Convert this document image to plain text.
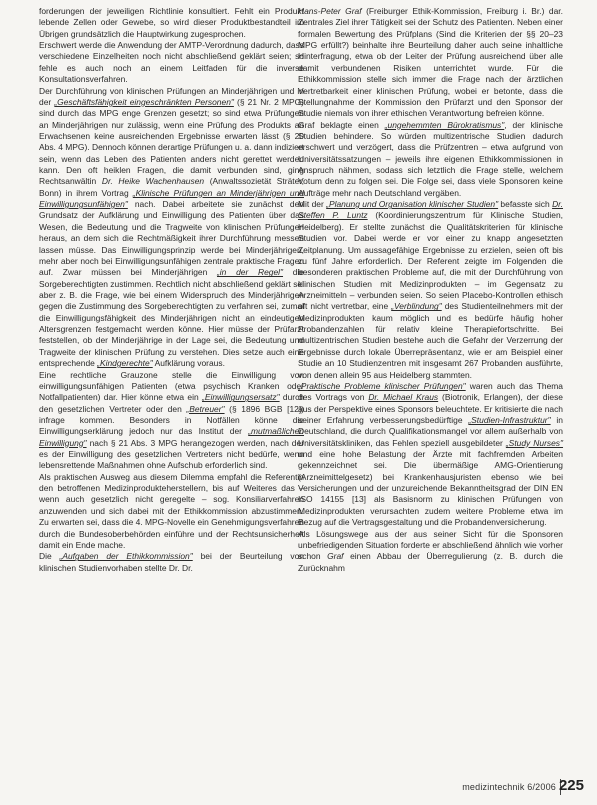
forderungen der jeweiligen Richtlinie konsultiert. Fehlt ein Produkt lebende Zellen oder Gewebe, so wird dieser Produktbestandteil im Übrigen grundsätzlich die Hauptwirkung zugesprochen.

Erschwert werde die Anwendung der AMTP-Verordnung dadurch, dass verschiedene Einzelheiten noch nicht abschließend geklärt seien; so fehle es auch noch an einem Leitfaden für die inverse Konsultationsverfahren.

Der Durchführung von klinischen Prüfungen an Minderjährigen und in der „Geschäftsfähigkeit eingeschränkten Personen" (§ 21 Nr. 2 MPG) sind durch das MPG enge Grenzen gesetzt; so sind etwa Prüfungen an Minderjährigen nur zulässig, wenn eine Prüfung des Produkts an Erwachsenen keine ausreichenden Ergebnisse erwarten lässt (§ 20 Abs. 4 MPG). Dennoch können derartige Prüfungen u. a. dann indiziert sein, wenn das Leben des Patienten anders nicht gerettet werden kann. Den oft heiklen Fragen, die damit verbunden sind, ging Rechtsanwältin Dr. Heike Wachenhausen (Anwaltssozietät Sträter, Bonn) in ihrem Vortrag „Klinische Prüfungen an Minderjährigen und Einwilligungsunfähigen" nach. Dabei arbeitete sie zunächst den Grundsatz der Aufklärung und Einwilligung des Patienten über das Wesen, die Bedeutung und die Tragweite von klinischen Prüfungen heraus, an dem sich die Rechtmäßigkeit ihrer Durchführung messen lassen müsse. Das Einwilligungsprinzip werde bei Minderjährigen, mehr aber noch bei Einwilligungsunfähigen zentrale praktische Fragen auf. Zwar müssen bei Minderjährigen „in der Regel" die Sorgeberechtigten zustimmen. Rechtlich nicht abschließend geklärt sei aber z. B. die Frage, wie bei einem Widerspruch des Minderjährigen gegen die Zustimmung des Sorgeberechtigten zu verfahren sei, zumal die Einwilligungsfähigkeit des Minderjährigen nicht an eindeutigen Altersgrenzen festgemacht werden könne. Hier müsse der Prüfarzt feststellen, ob der Minderjährige in der Lage sei, die Bedeutung und Tragweite der klinischen Prüfung zu verstehen. Dies setze auch eine entsprechende „Kindgerechte" Aufklärung voraus.

Eine rechtliche Grauzone stelle die Einwilligung von einwilligungsunfähigen Patienten (etwa psychisch Kranken oder Notfallpatienten) dar. Hier könne etwa ein „Einwilligungsersatz" durch den gesetzlichen Vertreter oder den „Betreuer" (§ 1896 BGB [12]) infrage kommen. Besonders in Notfällen könne die Einwilligungserklärung jedoch nur das Institut der „mutmaßlichen Einwilligung" nach § 21 Abs. 3 MPG herangezogen werden, nach der es der Einwilligung des gesetzlichen Vertreters nicht bedürfe, wenn lebensrettende Maßnahmen ohne Aufschub erforderlich sind.

Als praktischen Ausweg aus diesem Dilemma empfahl die Referentin den betroffenen Medizinprodukteherstellern, bis auf Weiteres das – wenn auch gesetzlich nicht geregelte – sog. Konsiliarverfahren anzuwenden und sich dabei mit der Ethikkommission abzustimmen. Zu erwarten sei, dass die 4. MPG-Novelle ein Genehmigungsverfahren durch die Bundesoberbehörden einführe und der Rechtsunsicherheit damit ein Ende mache.

Die „Aufgaben der Ethikkommission" bei der Beurteilung von klinischen Studienvorhaben stellte Dr. Dr.

Hans-Peter Graf (Freiburger Ethik-Kommission, Freiburg i. Br.) dar. Zentrales Ziel ihrer Tätigkeit sei der Schutz des Patienten. Neben einer formalen Bewertung des Prüfplans (Sind die Kriterien der §§ 20–23 MPG erfüllt?) beinhalte ihre Beurteilung daher auch seine inhaltliche Hinterfragung, etwa ob der Leiter der Prüfung ausreichend über alle damit verbundenen Risiken unterrichtet wurde. Für die Ethikkommission stelle sich immer die Frage nach der ärztlichen Vertretbarkeit einer klinischen Prüfung, wobei er betonte, dass die Stellungnahme der Kommission den Prüfarzt und den Sponsor der Studie niemals von ihrer ethischen Verantwortung befreien könne.

Graf beklagte einen „ungehemmten Bürokratismus", der klinische Studien behindere. So würden multizentrische Studien dadurch erschwert und verzögert, dass die Prüfzentren – etwa aufgrund von Universitätssatzungen – jeweils ihre eigenen Ethikkommissionen in Anspruch nähmen, sodass sich letztlich die Frage stelle, welchem Votum denn zu folgen sei. Die Folge sei, dass viele Sponsoren keine Aufträge mehr nach Deutschland vergäben.

Mit der „Planung und Organisation klinischer Studien" befasste sich Dr. Steffen P. Luntz (Koordinierungszentrum für Klinische Studien, Heidelberg). Er stellte zunächst die Qualitätskriterien für klinische Studien vor. Dabei werde er vor einer zu knapp angesetzten Zeitplanung. Um aussagefähige Ergebnisse zu erzielen, seien oft bis zu fünf Jahre erforderlich. Der Referent zeigte im Folgenden die besonderen praktischen Probleme auf, die mit der Durchführung von klinischen Studien mit Medizinprodukten – im Gegensatz zu Arzneimitteln – verbunden seien. So seien Placebo-Kontrollen ethisch oft nicht vertretbar, eine „Verblindung" des Studienteilnehmers mit der Medizinprodukten kaum möglich und es bedürfe häufig hoher Probandenzahlen für relativ kleine Therapiefortschritte. Bei multizentrischen Studien bestehe auch die Gefahr der Verzerrung der Ergebnisse durch lokale Überrepräsentanz, wie er am Beispiel einer Studie an 10 Studienzentren mit insgesamt 267 Probanden ausführte, von denen allein 95 aus Heidelberg stammten.

„Praktische Probleme klinischer Prüfungen" waren auch das Thema des Vortrags von Dr. Michael Kraus (Biotronik, Erlangen), der diese aus der Perspektive eines Sponsors beleuchtete. Er kritisierte die nach seiner Erfahrung verbesserungsbedürftige „Studien-Infrastruktur" in Deutschland, die durch Qualifikationsmangel vor allem außerhalb von Universitätskliniken, das Fehlen speziell ausgebildeter „Study Nurses" und eine hohe Belastung der Ärzte mit fachfremden Arbeiten gekennzeichnet sei. Die übermäßige AMG-Orientierung (Arzneimittelgesetz) bei Krankenhausjuristen ebenso wie bei Versicherungen und der unzureichende Bekanntheitsgrad der DIN EN ISO 14155 [13] als Basisnorm zu klinischen Prüfungen von Medizinprodukten verursachten zudem weitere Probleme etwa im Bezug auf die Vertragsgestaltung und die Probandenversicherung.

Als Lösungswege aus der aus seiner Sicht für die Sponsoren unbefriedigenden Situation forderte er abschließend ähnlich wie vorher schon Graf einen Abbau der Überregulierung (z. B. durch die Zurücknahm

medizintechnik 6/2006 225
